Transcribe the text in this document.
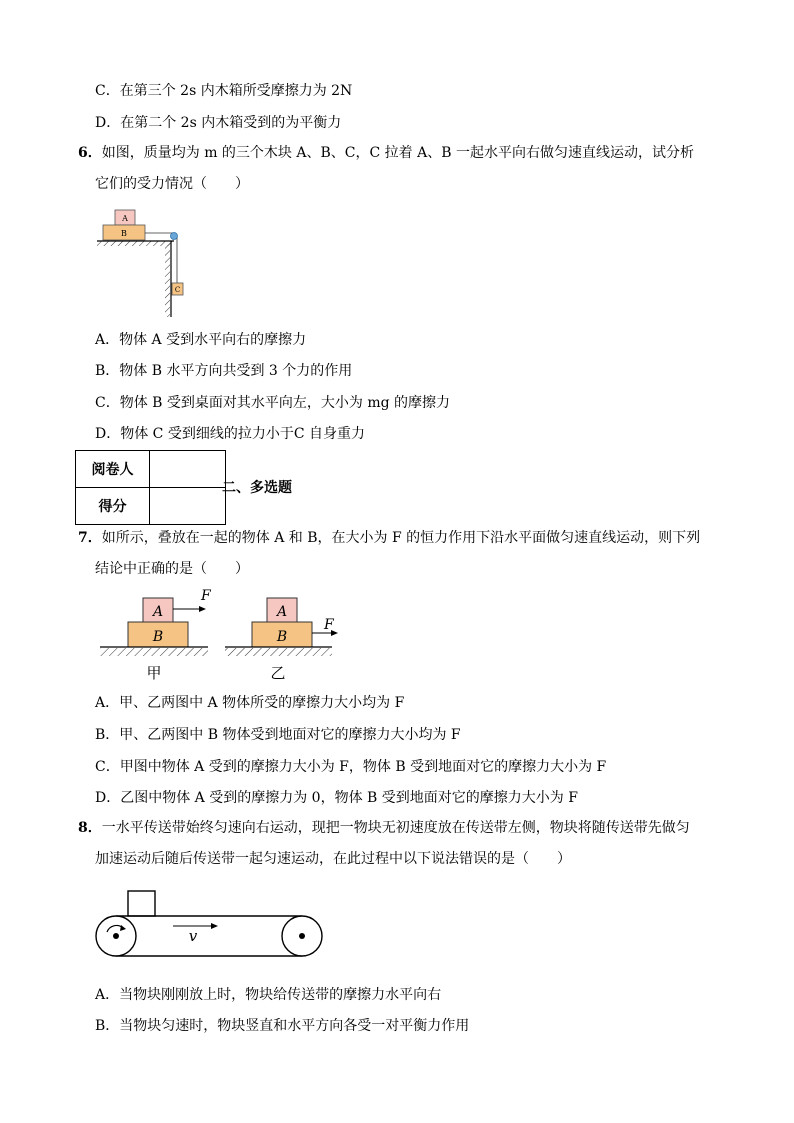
C．在第三个 2s 内木箱所受摩擦力为 2N
D．在第二个 2s 内木箱受到的为平衡力
6．如图，质量均为 m 的三个木块 A、B、C，C 拉着 A、B 一起水平向右做匀速直线运动，试分析
它们的受力情况（　　）
A
B
C
A．物体 A 受到水平向右的摩擦力
B．物体 B 水平方向共受到 3 个力的作用
C．物体 B 受到桌面对其水平向左，大小为 mg 的摩擦力
D．物体 C 受到细线的拉力小于C 自身重力
阅卷人	
得分	
二、多选题
7．如所示，叠放在一起的物体 A 和 B，在大小为 F 的恒力作用下沿水平面做匀速直线运动，则下列
结论中正确的是（　　）
A
B
F
甲
A
B
F
乙
A．甲、乙两图中 A 物体所受的摩擦力大小均为 F
B．甲、乙两图中 B 物体受到地面对它的摩擦力大小均为 F
C．甲图中物体 A 受到的摩擦力大小为 F，物体 B 受到地面对它的摩擦力大小为 F
D．乙图中物体 A 受到的摩擦力为 0，物体 B 受到地面对它的摩擦力大小为 F
8．一水平传送带始终匀速向右运动，现把一物块无初速度放在传送带左侧，物块将随传送带先做匀
加速运动后随后传送带一起匀速运动，在此过程中以下说法错误的是（　　）
v
A．当物块刚刚放上时，物块给传送带的摩擦力水平向右
B．当物块匀速时，物块竖直和水平方向各受一对平衡力作用
